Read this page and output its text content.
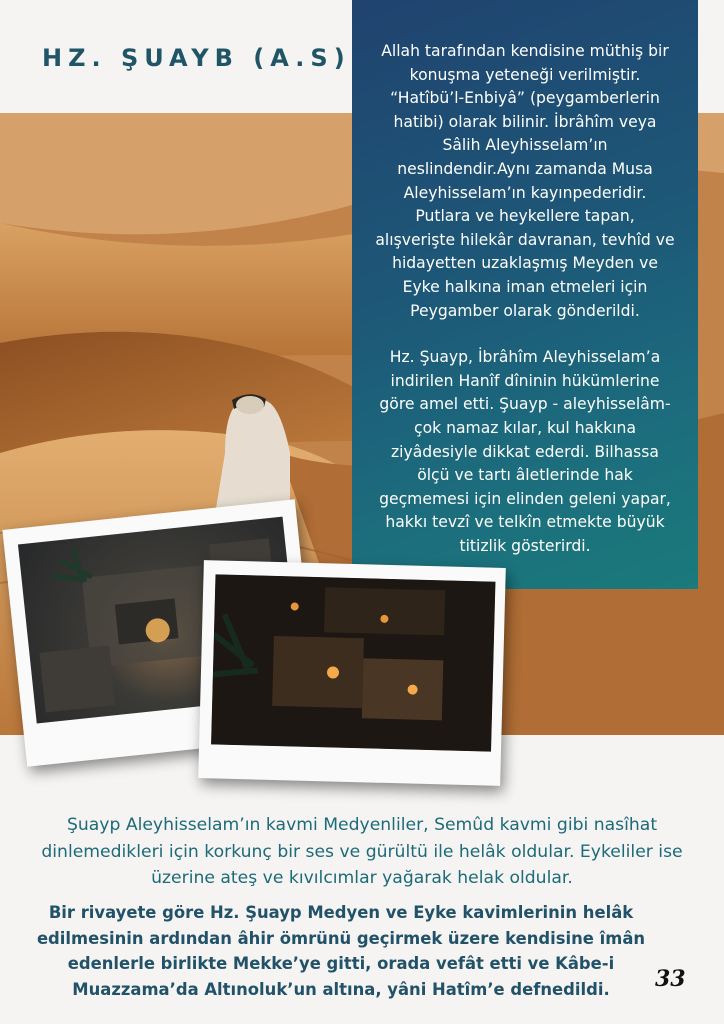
HZ. ŞUAYB (A.S)	Allah tarafından kendisine müthiş bir konuşma yeteneği verilmiştir. “Hatîbü’l-Enbiyâ” (peygamberlerin hatibi) olarak bilinir. İbrâhîm veya Sâlih Aleyhisselam’ın neslindendir.Aynı zamanda Musa Aleyhisselam’ın kayınpederidir. Putlara ve heykellere tapan, alışverişte hilekâr davranan, tevhîd ve hidayetten uzaklaşmış Meyden ve Eyke halkına iman etmeleri için Peygamber olarak gönderildi.

Hz. Şuayp, İbrâhîm Aleyhisselam’a indirilen Hanîf dîninin hükümlerine göre amel etti. Şuayp - aleyhisselâm- çok namaz kılar, kul hakkına ziyâdesiyle dikkat ederdi. Bilhassa ölçü ve tartı âletlerinde hak geçmemesi için elinden geleni yapar, hakkı tevzî ve telkîn etmekte büyük titizlik gösterirdi.

Şuayp Aleyhisselam’ın kavmi Medyenliler, Semûd kavmi gibi nasîhat dinlemedikleri için korkunç bir ses ve gürültü ile helâk oldular. Eykeliler ise üzerine ateş ve kıvılcımlar yağarak helak oldular.

Bir rivayete göre Hz. Şuayp Medyen ve Eyke kavimlerinin helâk edilmesinin ardından âhir ömrünü geçirmek üzere kendisine îmân edenlerle birlikte Mekke’ye gitti, orada vefât etti ve Kâbe-i Muazzama’da Altınoluk’un altına, yâni Hatîm’e defnedildi.	33
